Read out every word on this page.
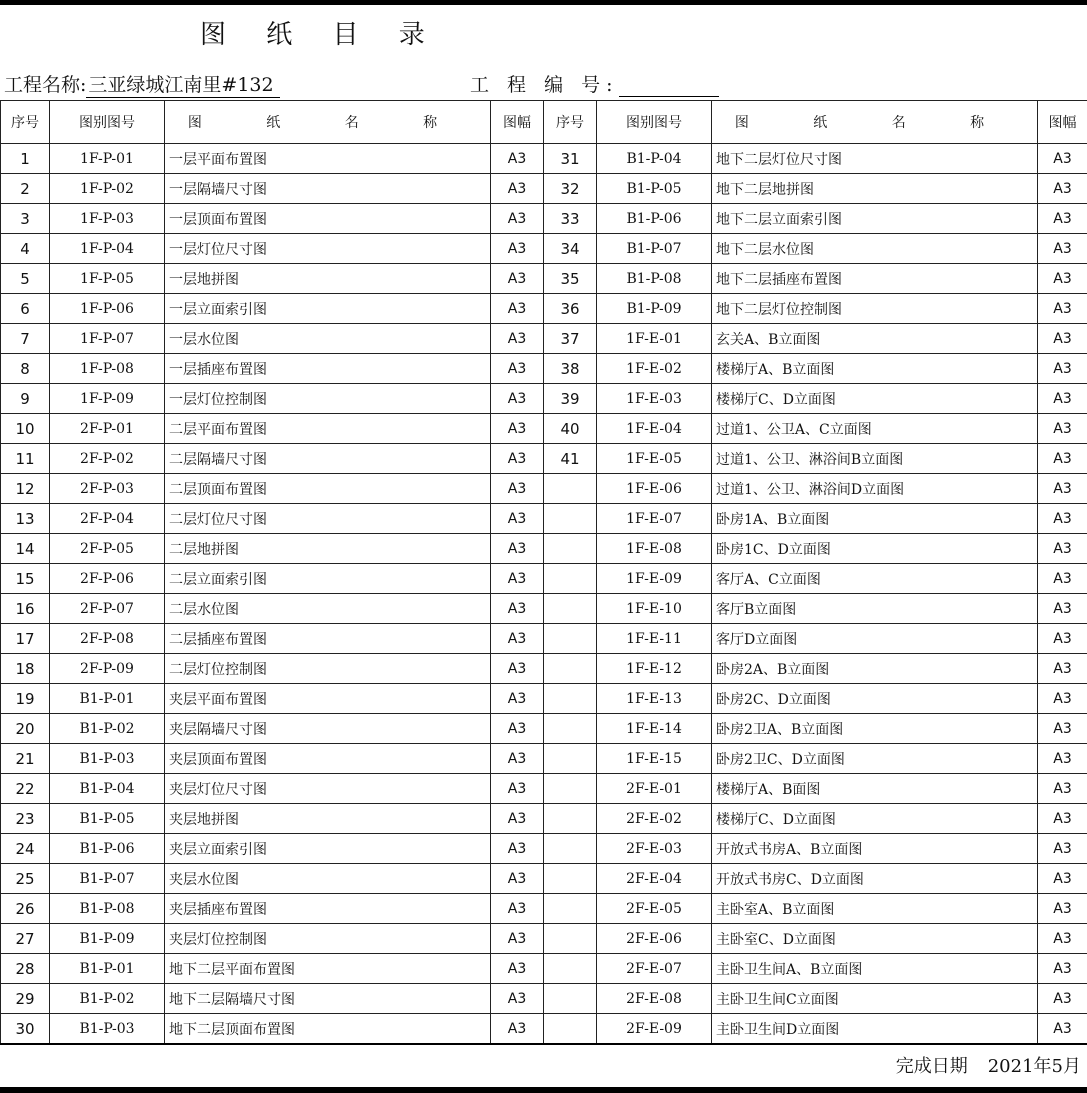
图 纸 目 录
工程名称: 三亚绿城江南里#132	工 程 编 号:
序号	图别图号	图 纸 名 称	图幅	序号	图别图号	图 纸 名 称	图幅
1	1F-P-01	一层平面布置图	A3	31	B1-P-04	地下二层灯位尺寸图	A3
2	1F-P-02	一层隔墙尺寸图	A3	32	B1-P-05	地下二层地拼图	A3
3	1F-P-03	一层顶面布置图	A3	33	B1-P-06	地下二层立面索引图	A3
4	1F-P-04	一层灯位尺寸图	A3	34	B1-P-07	地下二层水位图	A3
5	1F-P-05	一层地拼图	A3	35	B1-P-08	地下二层插座布置图	A3
6	1F-P-06	一层立面索引图	A3	36	B1-P-09	地下二层灯位控制图	A3
7	1F-P-07	一层水位图	A3	37	1F-E-01	玄关A、B立面图	A3
8	1F-P-08	一层插座布置图	A3	38	1F-E-02	楼梯厅A、B立面图	A3
9	1F-P-09	一层灯位控制图	A3	39	1F-E-03	楼梯厅C、D立面图	A3
10	2F-P-01	二层平面布置图	A3	40	1F-E-04	过道1、公卫A、C立面图	A3
11	2F-P-02	二层隔墙尺寸图	A3	41	1F-E-05	过道1、公卫、淋浴间B立面图	A3
12	2F-P-03	二层顶面布置图	A3		1F-E-06	过道1、公卫、淋浴间D立面图	A3
13	2F-P-04	二层灯位尺寸图	A3		1F-E-07	卧房1A、B立面图	A3
14	2F-P-05	二层地拼图	A3		1F-E-08	卧房1C、D立面图	A3
15	2F-P-06	二层立面索引图	A3		1F-E-09	客厅A、C立面图	A3
16	2F-P-07	二层水位图	A3		1F-E-10	客厅B立面图	A3
17	2F-P-08	二层插座布置图	A3		1F-E-11	客厅D立面图	A3
18	2F-P-09	二层灯位控制图	A3		1F-E-12	卧房2A、B立面图	A3
19	B1-P-01	夹层平面布置图	A3		1F-E-13	卧房2C、D立面图	A3
20	B1-P-02	夹层隔墙尺寸图	A3		1F-E-14	卧房2卫A、B立面图	A3
21	B1-P-03	夹层顶面布置图	A3		1F-E-15	卧房2卫C、D立面图	A3
22	B1-P-04	夹层灯位尺寸图	A3		2F-E-01	楼梯厅A、B面图	A3
23	B1-P-05	夹层地拼图	A3		2F-E-02	楼梯厅C、D立面图	A3
24	B1-P-06	夹层立面索引图	A3		2F-E-03	开放式书房A、B立面图	A3
25	B1-P-07	夹层水位图	A3		2F-E-04	开放式书房C、D立面图	A3
26	B1-P-08	夹层插座布置图	A3		2F-E-05	主卧室A、B立面图	A3
27	B1-P-09	夹层灯位控制图	A3		2F-E-06	主卧室C、D立面图	A3
28	B1-P-01	地下二层平面布置图	A3		2F-E-07	主卧卫生间A、B立面图	A3
29	B1-P-02	地下二层隔墙尺寸图	A3		2F-E-08	主卧卫生间C立面图	A3
30	B1-P-03	地下二层顶面布置图	A3		2F-E-09	主卧卫生间D立面图	A3
完成日期 2021年5月
